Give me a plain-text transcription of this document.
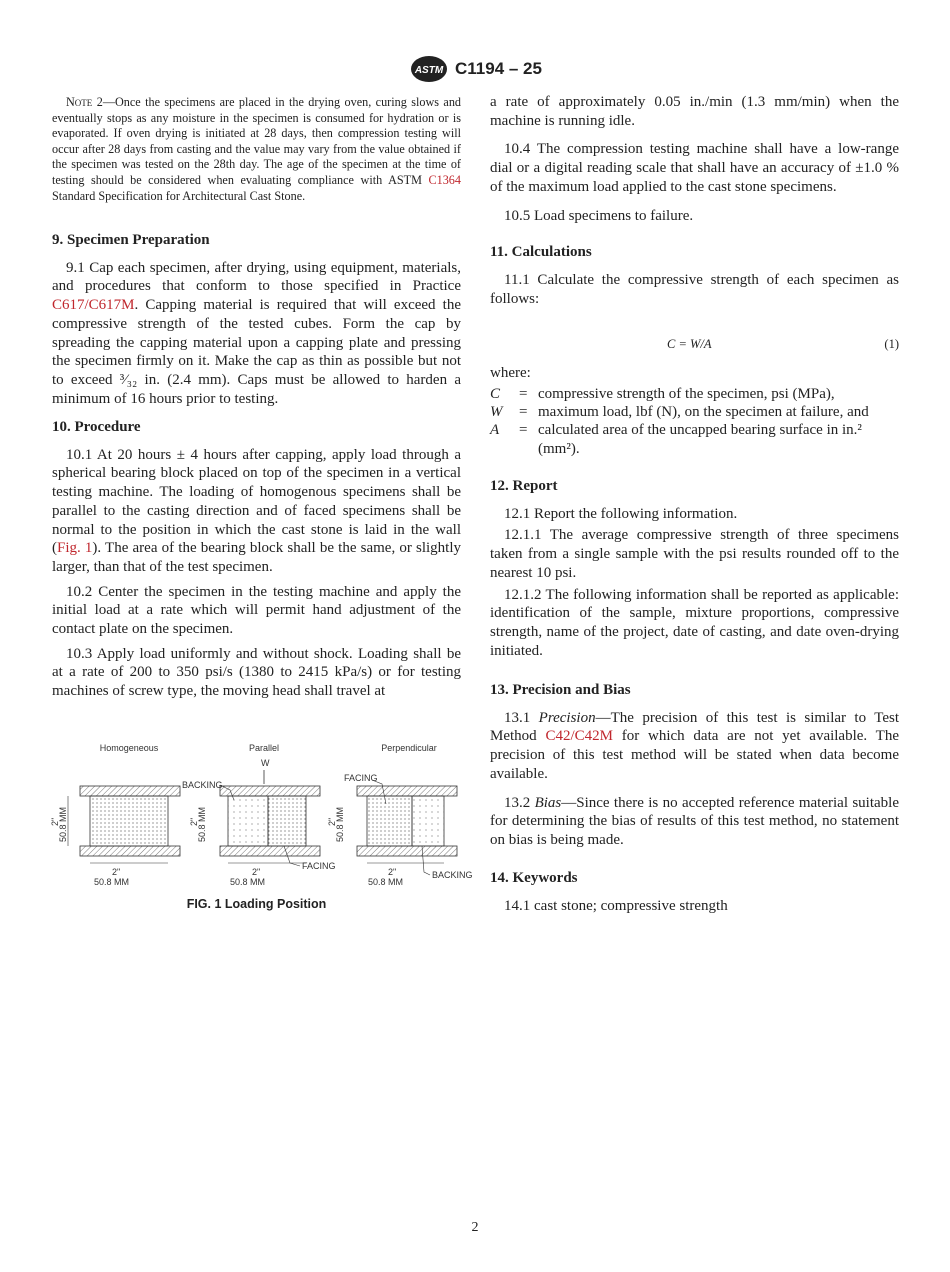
ASTM C1194 – 25

Note 2—Once the specimens are placed in the drying oven, curing slows and eventually stops as any moisture in the specimen is consumed for hydration or is evaporated. If oven drying is initiated at 28 days, then compression testing will occur after 28 days from casting and the value may vary from the value obtained if the specimen was tested on the 28th day. The age of the specimen at the time of testing should be considered when evaluating compliance with ASTM C1364 Standard Specification for Architectural Cast Stone.

9. Specimen Preparation

9.1 Cap each specimen, after drying, using equipment, materials, and procedures that conform to those specified in Practice C617/C617M. Capping material is required that will exceed the compressive strength of the tested cubes. Form the cap by spreading the capping material upon a capping plate and pressing the specimen firmly on it. Make the cap as thin as possible but not to exceed ³⁄₃₂ in. (2.4 mm). Caps must be allowed to harden a minimum of 16 hours prior to testing.

10. Procedure

10.1 At 20 hours ± 4 hours after capping, apply load through a spherical bearing block placed on top of the specimen in a vertical testing machine. The loading of homogenous specimens shall be parallel to the casting direction and of faced specimens shall be normal to the position in which the cast stone is laid in the wall (Fig. 1). The area of the bearing block shall be the same, or slightly larger, than that of the test specimen.

10.2 Center the specimen in the testing machine and apply the initial load at a rate which will permit hand adjustment of the contact plate on the specimen.

10.3 Apply load uniformly and without shock. Loading shall be at a rate of 200 to 350 psi/s (1380 to 2415 kPa/s) or for testing machines of screw type, the moving head shall travel at

Homogeneous	Parallel	Perpendicular
2"
50.8 MM
2"
50.8 MM
W
BACKING
FACING
2"
50.8 MM
2"
50.8 MM
FACING
BACKING
2"
50.8 MM
2"
50.8 MM
FIG. 1 Loading Position

a rate of approximately 0.05 in./min (1.3 mm/min) when the machine is running idle.

10.4 The compression testing machine shall have a low-range dial or a digital reading scale that shall have an accuracy of ±1.0 % of the maximum load applied to the cast stone specimens.

10.5 Load specimens to failure.

11. Calculations

11.1 Calculate the compressive strength of each specimen as follows:

C = W/A	(1)
where:
C = compressive strength of the specimen, psi (MPa),
W = maximum load, lbf (N), on the specimen at failure, and
A = calculated area of the uncapped bearing surface in in.² (mm²).

12. Report

12.1 Report the following information.

12.1.1 The average compressive strength of three specimens taken from a single sample with the psi results rounded off to the nearest 10 psi.

12.1.2 The following information shall be reported as applicable: identification of the sample, mixture proportions, compressive strength, name of the project, date of casting, and date oven-drying initiated.

13. Precision and Bias

13.1 Precision—The precision of this test is similar to Test Method C42/C42M for which data are not yet available. The precision of this test method will be stated when data become available.

13.2 Bias—Since there is no accepted reference material suitable for determining the bias of results of this test method, no statement on bias is being made.

14. Keywords

14.1 cast stone; compressive strength

2
